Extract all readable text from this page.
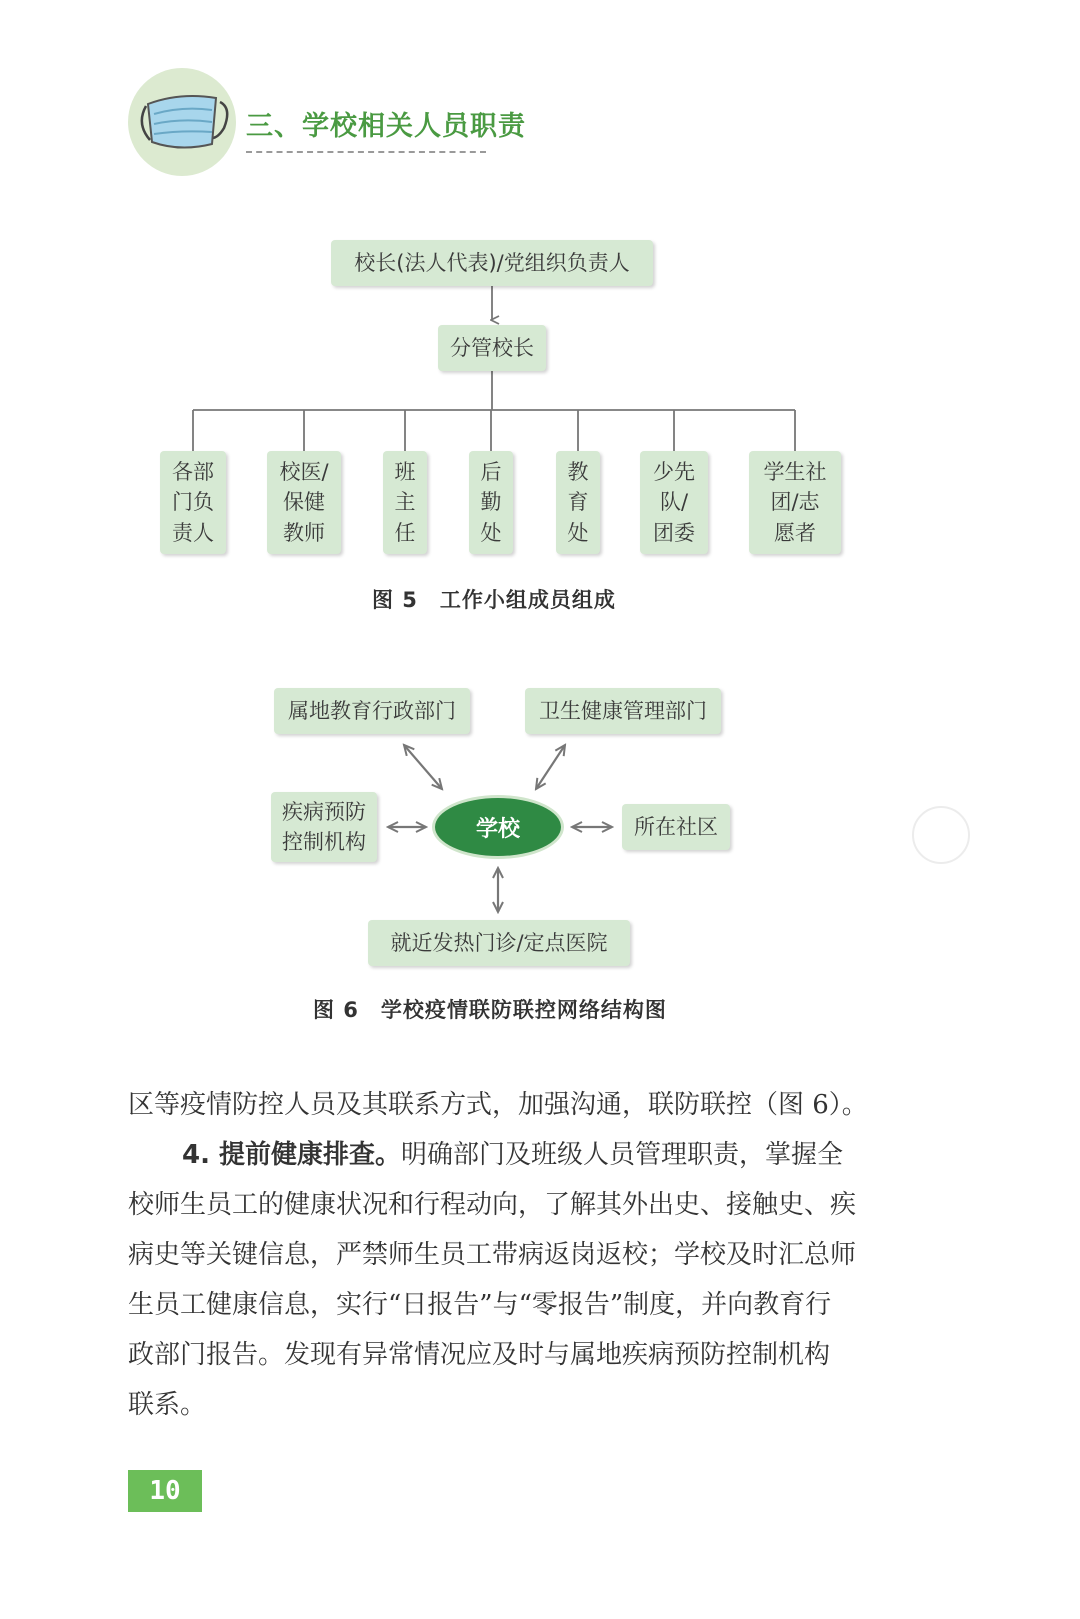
三、学校相关人员职责
校长(法人代表)/党组织负责人
分管校长
各部
门负
责人
校医/
保健
教师
班
主
任
后
勤
处
教
育
处
少先
队/
团委
学生社
团/志
愿者
图 5　工作小组成员组成
属地教育行政部门	卫生健康管理部门
疾病预防
控制机构
学校	所在社区
就近发热门诊/定点医院
图 6　学校疫情联防联控网络结构图

区等疫情防控人员及其联系方式，加强沟通，联防联控（图 6）。

4. 提前健康排查。明确部门及班级人员管理职责，掌握全

校师生员工的健康状况和行程动向，了解其外出史、接触史、疾

病史等关键信息，严禁师生员工带病返岗返校；学校及时汇总师

生员工健康信息，实行“日报告”与“零报告”制度，并向教育行

政部门报告。发现有异常情况应及时与属地疾病预防控制机构

联系。

10
